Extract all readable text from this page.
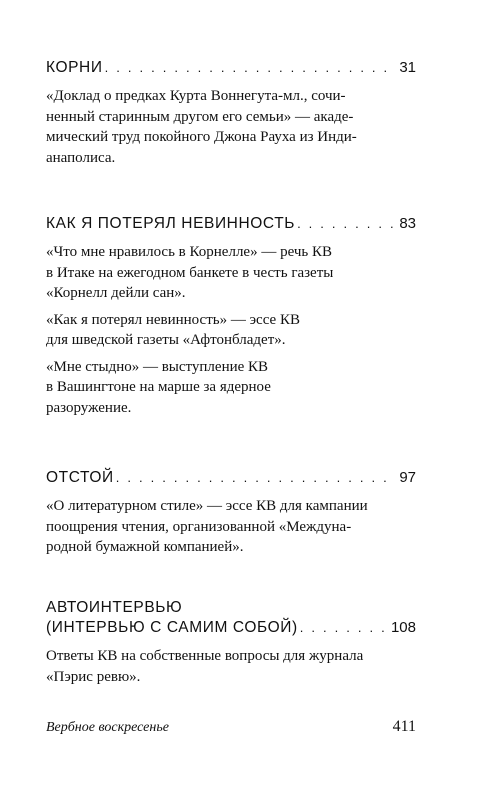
КОРНИ . . .	31
«Доклад о предках Курта Воннегута-мл., сочи-
ненный старинным другом его семьи» — акаде-
мический труд покойного Джона Рауха из Инди-
анаполиса.
КАК Я ПОТЕРЯЛ НЕВИННОСТЬ . . .	83
«Что мне нравилось в Корнелле» — речь КВ
в Итаке на ежегодном банкете в честь газеты
«Корнелл дейли сан».
«Как я потерял невинность» — эссе КВ
для шведской газеты «Афтонбладет».
«Мне стыдно» — выступление КВ
в Вашингтоне на марше за ядерное
разоружение.
ОТСТОЙ . . .	97
«О литературном стиле» — эссе КВ для кампании
поощрения чтения, организованной «Междуна-
родной бумажной компанией».
АВТОИНТЕРВЬЮ
(ИНТЕРВЬЮ С САМИМ СОБОЙ) . . .	108
Ответы КВ на собственные вопросы для журнала
«Пэрис ревю».
Вербное воскресенье	411
